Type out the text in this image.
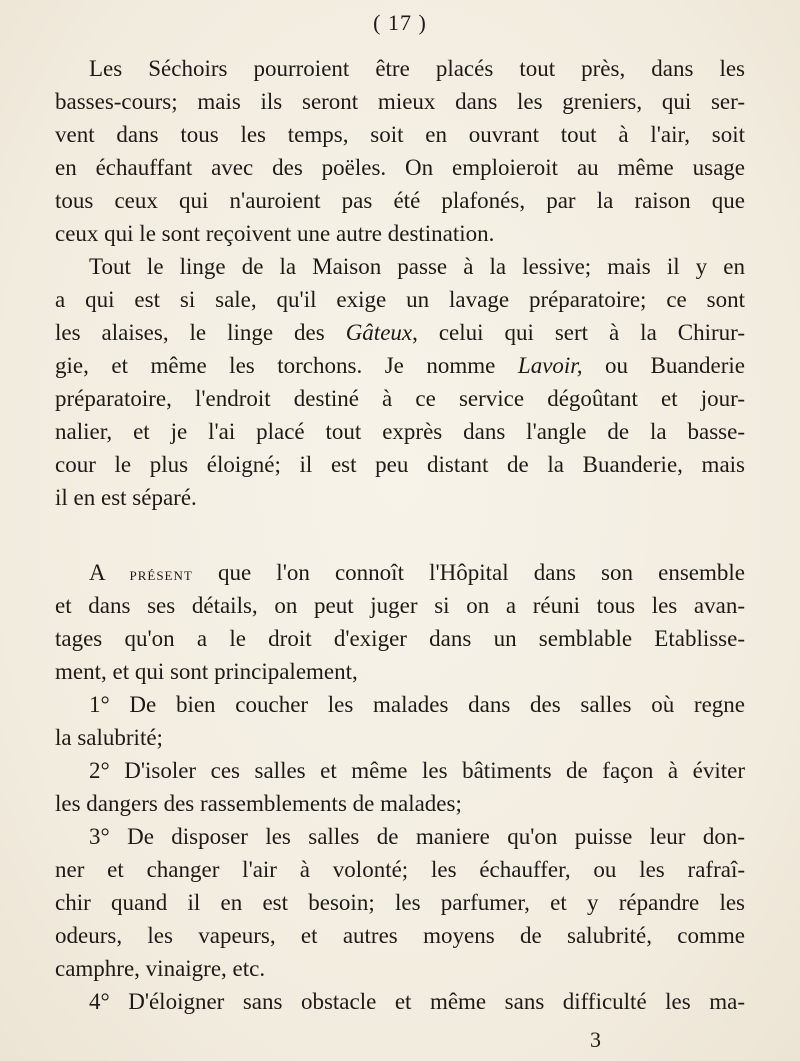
( 17 )
Les Séchoirs pourroient être placés tout près, dans les
basses-cours; mais ils seront mieux dans les greniers, qui ser-
vent dans tous les temps, soit en ouvrant tout à l'air, soit
en échauffant avec des poëles. On emploieroit au même usage
tous ceux qui n'auroient pas été plafonés, par la raison que
ceux qui le sont reçoivent une autre destination.
Tout le linge de la Maison passe à la lessive; mais il y en
a qui est si sale, qu'il exige un lavage préparatoire; ce sont
les alaises, le linge des Gâteux, celui qui sert à la Chirur-
gie, et même les torchons. Je nomme Lavoir, ou Buanderie
préparatoire, l'endroit destiné à ce service dégoûtant et jour-
nalier, et je l'ai placé tout exprès dans l'angle de la basse-
cour le plus éloigné; il est peu distant de la Buanderie, mais
il en est séparé.
A présent que l'on connoît l'Hôpital dans son ensemble
et dans ses détails, on peut juger si on a réuni tous les avan-
tages qu'on a le droit d'exiger dans un semblable Etablisse-
ment, et qui sont principalement,
1° De bien coucher les malades dans des salles où regne
la salubrité;
2° D'isoler ces salles et même les bâtiments de façon à éviter
les dangers des rassemblements de malades;
3° De disposer les salles de maniere qu'on puisse leur don-
ner et changer l'air à volonté; les échauffer, ou les rafraî-
chir quand il en est besoin; les parfumer, et y répandre les
odeurs, les vapeurs, et autres moyens de salubrité, comme
camphre, vinaigre, etc.
4° D'éloigner sans obstacle et même sans difficulté les ma-
3
